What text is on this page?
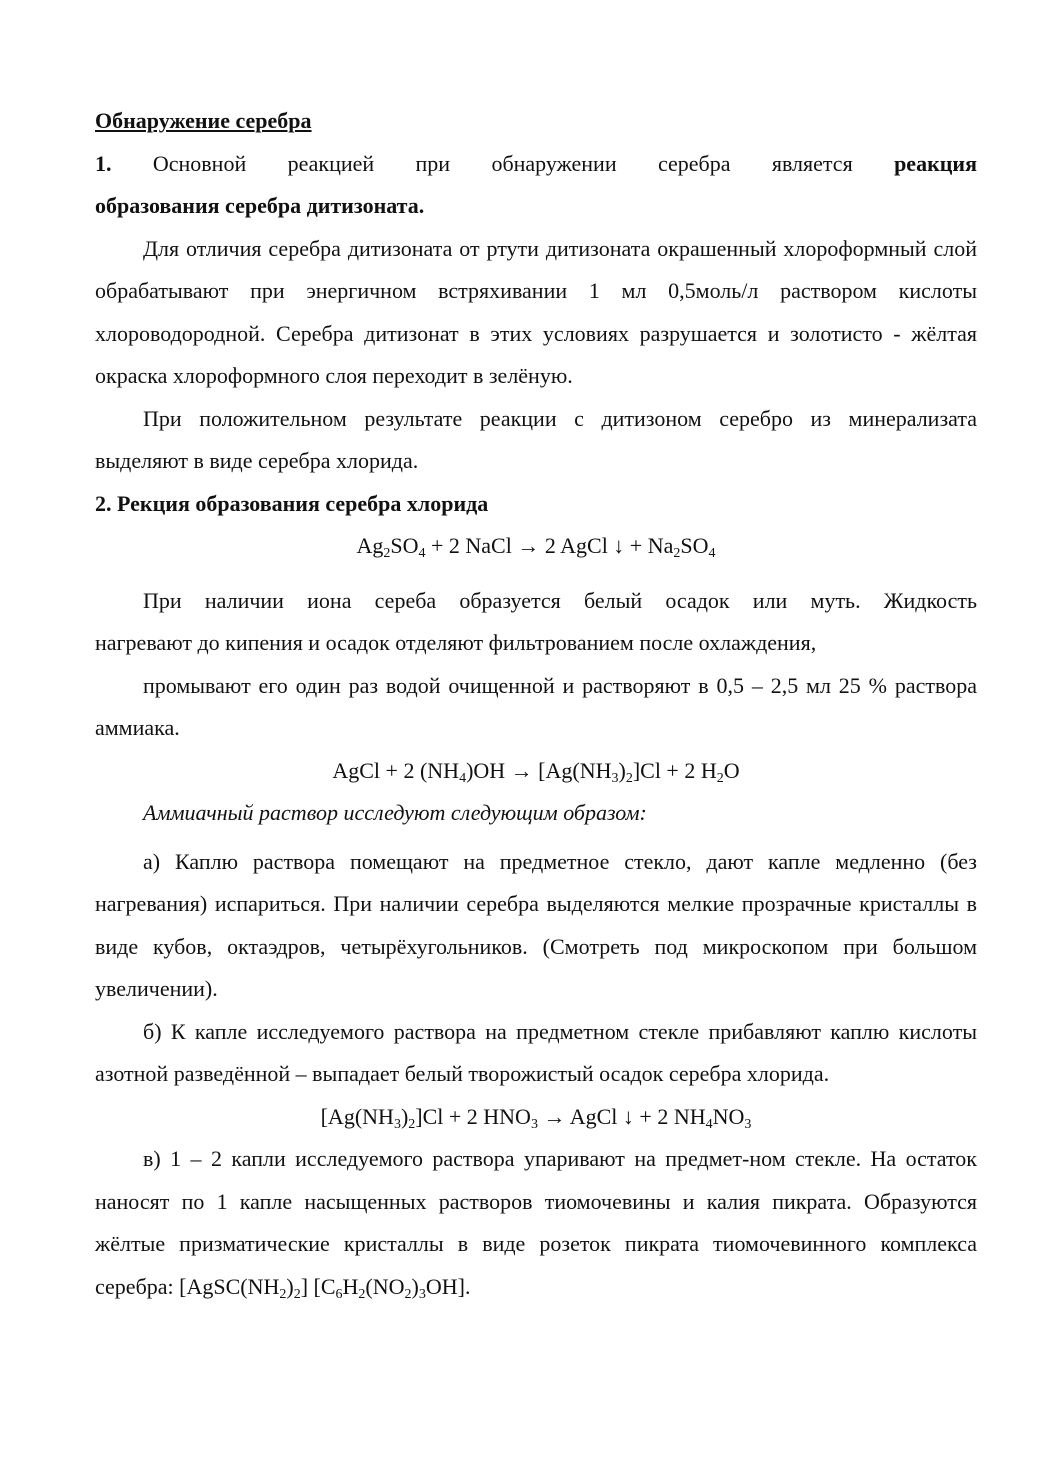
Обнаружение серебра

1. Основной реакцией при обнаружении серебра является реакция

образования серебра дитизоната.

Для отличия серебра дитизоната от ртути дитизоната окрашенный хлороформный слой обрабатывают при энергичном встряхивании 1 мл 0,5моль/л раствором кислоты хлороводородной. Серебра дитизонат в этих условиях разрушается и золотисто - жёлтая окраска хлороформного слоя переходит в зелёную.

При положительном результате реакции с дитизоном серебро из минерализата выделяют в виде серебра хлорида.

2. Рекция образования серебра хлорида

$Ag_2SO_4 + 2$ NaCl → 2 AgCl ↓ + $Na_2SO_4$

При наличии иона сереба образуется белый осадок или муть. Жидкость

нагревают до кипения и осадок отделяют фильтрованием после охлаждения,

промывают его один раз водой очищенной и растворяют в 0,5 – 2,5 мл 25 % раствора аммиака.

AgCl + 2 $(NH_4)OH \to [Ag(NH_3)_2]Cl + 2$ $H_2O$

Аммиачный раствор исследуют следующим образом:

а) Каплю раствора помещают на предметное стекло, дают капле медленно (без нагревания) испариться. При наличии серебра выделяются мелкие прозрачные кристаллы в виде кубов, октаэдров, четырёхугольников. (Смотреть под микроскопом при большом увеличении).

б) К капле исследуемого раствора на предметном стекле прибавляют каплю кислоты азотной разведённой – выпадает белый творожистый осадок серебра хлорида.

$[Ag(NH_3)_2]Cl + 2$ $HNO_3$ → AgCl ↓ + 2 $NH_4NO_3$

в) 1 – 2 капли исследуемого раствора упаривают на предмет-ном стекле. На остаток наносят по 1 капле насыщенных растворов тиомочевины и калия пикрата. Образуются жёлтые призматические кристаллы в виде розеток пикрата тиомочевинного комплекса серебра: $[AgSC(NH_2)_2]$ $[C_6H_2(NO_2)_3OH]$.
